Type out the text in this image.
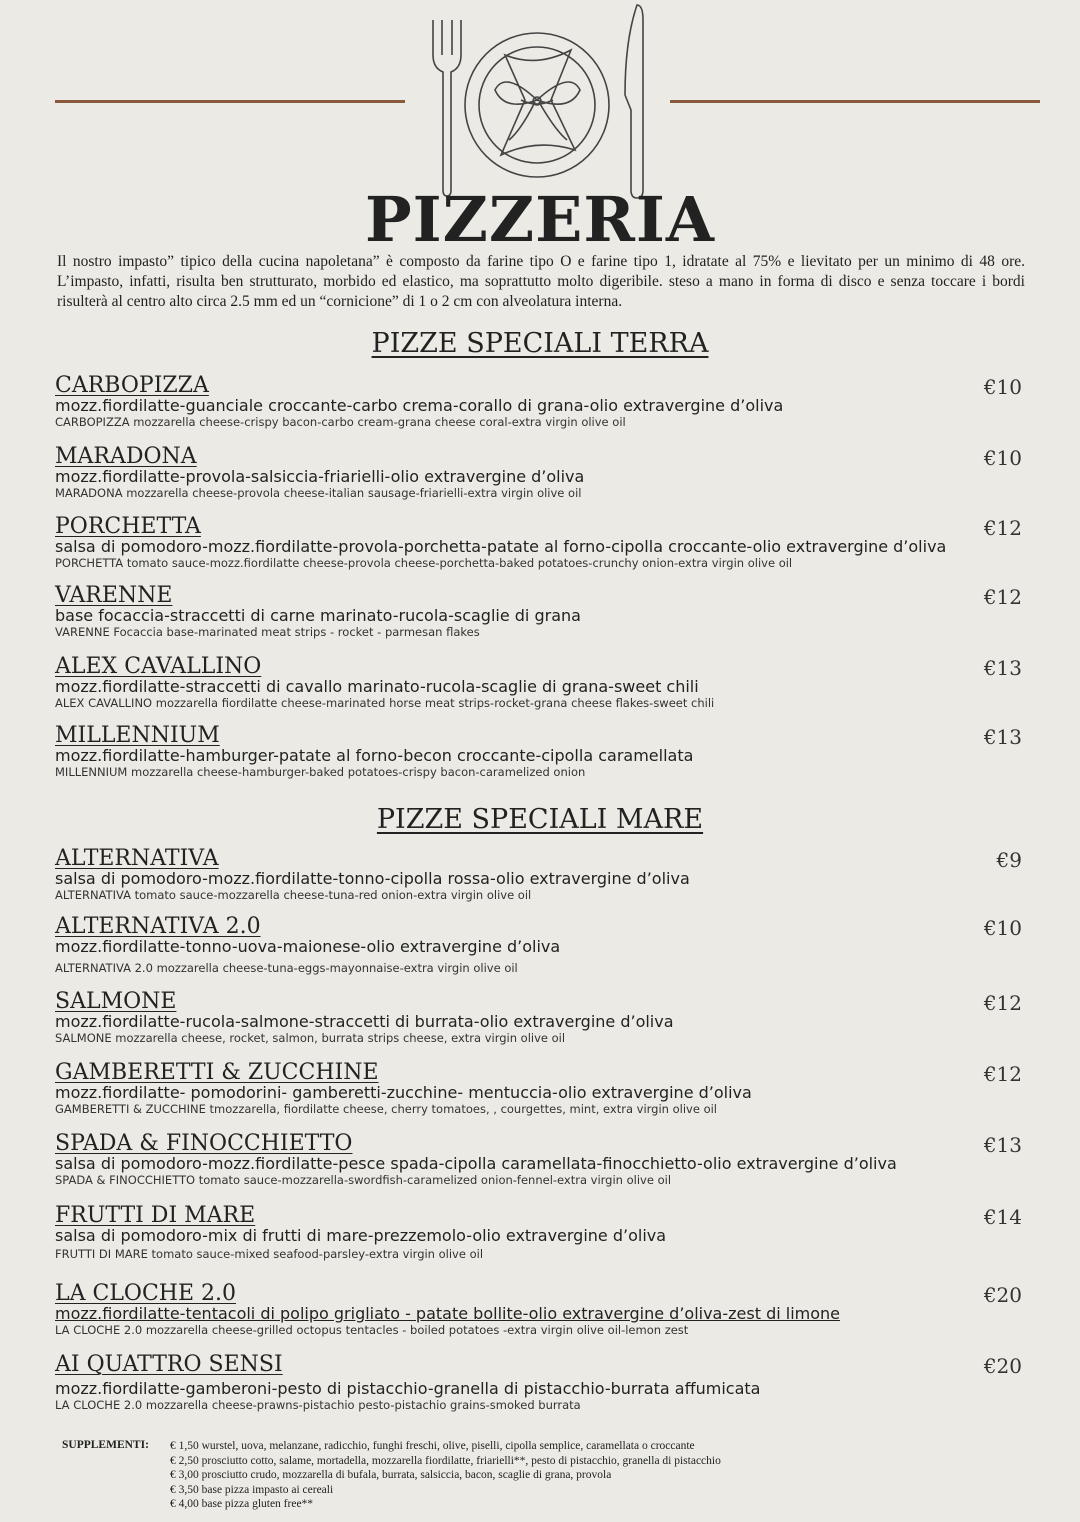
PIZZERIA
Il nostro impasto” tipico della cucina napoletana” è composto da farine tipo O e farine tipo 1, idratate al 75% e lievitato per un minimo di 48 ore. L’impasto, infatti, risulta ben strutturato, morbido ed elastico, ma soprattutto molto digeribile. steso a mano in forma di disco e senza toccare i bordi risulterà al centro alto circa 2.5 mm ed un “cornicione” di 1 o 2 cm con alveolatura interna.
PIZZE SPECIALI TERRA
CARBOPIZZA
mozz.fiordilatte-guanciale croccante-carbo crema-corallo di grana-olio extravergine d’oliva
CARBOPIZZA mozzarella cheese-crispy bacon-carbo cream-grana cheese coral-extra virgin olive oil
€10
MARADONA
mozz.fiordilatte-provola-salsiccia-friarielli-olio extravergine d’oliva
MARADONA mozzarella cheese-provola cheese-italian sausage-friarielli-extra virgin olive oil
€10
PORCHETTA
salsa di pomodoro-mozz.fiordilatte-provola-porchetta-patate al forno-cipolla croccante-olio extravergine d’oliva
PORCHETTA tomato sauce-mozz.fiordilatte cheese-provola cheese-porchetta-baked potatoes-crunchy onion-extra virgin olive oil
€12
VARENNE
base focaccia-straccetti di carne marinato-rucola-scaglie di grana
VARENNE Focaccia base-marinated meat strips - rocket - parmesan flakes
€12
ALEX CAVALLINO
mozz.fiordilatte-straccetti di cavallo marinato-rucola-scaglie di grana-sweet chili
ALEX CAVALLINO mozzarella fiordilatte cheese-marinated horse meat strips-rocket-grana cheese flakes-sweet chili
€13
MILLENNIUM
mozz.fiordilatte-hamburger-patate al forno-becon croccante-cipolla caramellata
MILLENNIUM mozzarella cheese-hamburger-baked potatoes-crispy bacon-caramelized onion
€13
PIZZE SPECIALI MARE
ALTERNATIVA
salsa di pomodoro-mozz.fiordilatte-tonno-cipolla rossa-olio extravergine d’oliva
ALTERNATIVA tomato sauce-mozzarella cheese-tuna-red onion-extra virgin olive oil
€9
ALTERNATIVA 2.0
mozz.fiordilatte-tonno-uova-maionese-olio extravergine d’oliva
ALTERNATIVA 2.0 mozzarella cheese-tuna-eggs-mayonnaise-extra virgin olive oil
€10
SALMONE
mozz.fiordilatte-rucola-salmone-straccetti di burrata-olio extravergine d’oliva
SALMONE mozzarella cheese, rocket, salmon, burrata strips cheese, extra virgin olive oil
€12
GAMBERETTI & ZUCCHINE
mozz.fiordilatte- pomodorini- gamberetti-zucchine- mentuccia-olio extravergine d’oliva
GAMBERETTI & ZUCCHINE tmozzarella, fiordilatte cheese, cherry tomatoes, , courgettes, mint, extra virgin olive oil
€12
SPADA & FINOCCHIETTO
salsa di pomodoro-mozz.fiordilatte-pesce spada-cipolla caramellata-finocchietto-olio extravergine d’oliva
SPADA & FINOCCHIETTO tomato sauce-mozzarella-swordfish-caramelized onion-fennel-extra virgin olive oil
€13
FRUTTI DI MARE
salsa di pomodoro-mix di frutti di mare-prezzemolo-olio extravergine d’oliva
FRUTTI DI MARE tomato sauce-mixed seafood-parsley-extra virgin olive oil
€14
LA CLOCHE 2.0
mozz.fiordilatte-tentacoli di polipo grigliato - patate bollite-olio extravergine d’oliva-zest di limone
LA CLOCHE 2.0 mozzarella cheese-grilled octopus tentacles - boiled potatoes -extra virgin olive oil-lemon zest
€20
AI QUATTRO SENSI
mozz.fiordilatte-gamberoni-pesto di pistacchio-granella di pistacchio-burrata affumicata
LA CLOCHE 2.0 mozzarella cheese-prawns-pistachio pesto-pistachio grains-smoked burrata
€20
SUPPLEMENTI: € 1,50 wurstel, uova, melanzane, radicchio, funghi freschi, olive, piselli, cipolla semplice, caramellata o croccante
€ 2,50 prosciutto cotto, salame, mortadella, mozzarella fiordilatte, friarielli**, pesto di pistacchio, granella di pistacchio
€ 3,00 prosciutto crudo, mozzarella di bufala, burrata, salsiccia, bacon, scaglie di grana, provola
€ 3,50 base pizza impasto ai cereali
€ 4,00 base pizza gluten free**
